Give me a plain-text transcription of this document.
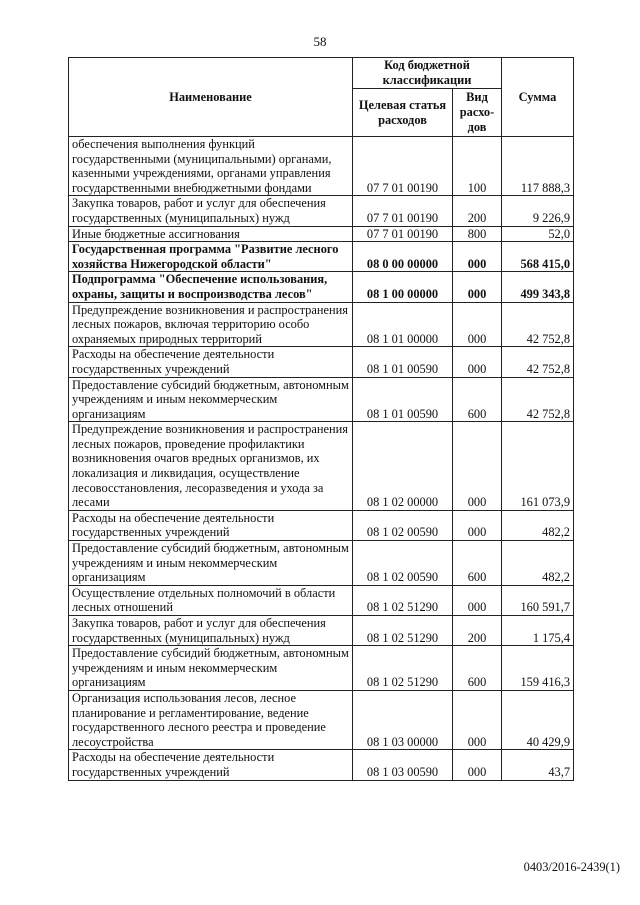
58
Наименование	Код бюджетной классификации		Сумма
	Целевая статья расходов	Вид расхо-дов	
обеспечения выполнения функций государственными (муниципальными) органами, казенными учреждениями, органами управления государственными внебюджетными фондами	07 7 01 00190	100	117 888,3
Закупка товаров, работ и услуг для обеспечения государственных (муниципальных) нужд	07 7 01 00190	200	9 226,9
Иные бюджетные ассигнования	07 7 01 00190	800	52,0
Государственная программа "Развитие лесного хозяйства Нижегородской области"	08 0 00 00000	000	568 415,0
Подпрограмма "Обеспечение использования, охраны, защиты и воспроизводства лесов"	08 1 00 00000	000	499 343,8
Предупреждение возникновения и распространения лесных пожаров, включая территорию особо охраняемых природных территорий	08 1 01 00000	000	42 752,8
Расходы на обеспечение деятельности государственных учреждений	08 1 01 00590	000	42 752,8
Предоставление субсидий бюджетным, автономным учреждениям и иным некоммерческим организациям	08 1 01 00590	600	42 752,8
Предупреждение возникновения и распространения лесных пожаров, проведение профилактики возникновения очагов вредных организмов, их локализация и ликвидация, осуществление лесовосстановления, лесоразведения и ухода за лесами	08 1 02 00000	000	161 073,9
Расходы на обеспечение деятельности государственных учреждений	08 1 02 00590	000	482,2
Предоставление субсидий бюджетным, автономным учреждениям и иным некоммерческим организациям	08 1 02 00590	600	482,2
Осуществление отдельных полномочий в области лесных отношений	08 1 02 51290	000	160 591,7
Закупка товаров, работ и услуг для обеспечения государственных (муниципальных) нужд	08 1 02 51290	200	1 175,4
Предоставление субсидий бюджетным, автономным учреждениям и иным некоммерческим организациям	08 1 02 51290	600	159 416,3
Организация использования лесов, лесное планирование и регламентирование, ведение государственного лесного реестра и проведение лесоустройства	08 1 03 00000	000	40 429,9
Расходы на обеспечение деятельности государственных учреждений	08 1 03 00590	000	43,7
0403/2016-2439(1)
